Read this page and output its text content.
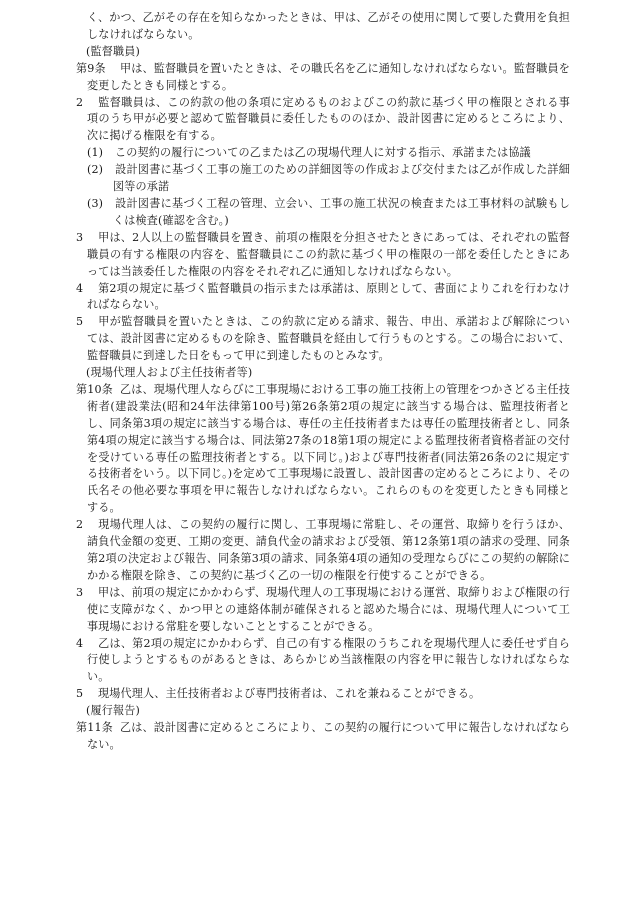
く、かつ、乙がその存在を知らなかったときは、甲は、乙がその使用に関して要した費用を負担しなければならない。

(監督職員)

第9条 甲は、監督職員を置いたときは、その職氏名を乙に通知しなければならない。監督職員を変更したときも同様とする。

2 監督職員は、この約款の他の条項に定めるものおよびこの約款に基づく甲の権限とされる事項のうち甲が必要と認めて監督職員に委任したもののほか、設計図書に定めるところにより、次に掲げる権限を有する。

(1) この契約の履行についての乙または乙の現場代理人に対する指示、承諾または協議

(2) 設計図書に基づく工事の施工のための詳細図等の作成および交付または乙が作成した詳細図等の承諾

(3) 設計図書に基づく工程の管理、立会い、工事の施工状況の検査または工事材料の試験もしくは検査(確認を含む。)

3 甲は、2人以上の監督職員を置き、前項の権限を分担させたときにあっては、それぞれの監督職員の有する権限の内容を、監督職員にこの約款に基づく甲の権限の一部を委任したときにあっては当該委任した権限の内容をそれぞれ乙に通知しなければならない。

4 第2項の規定に基づく監督職員の指示または承諾は、原則として、書面によりこれを行わなければならない。

5 甲が監督職員を置いたときは、この約款に定める請求、報告、申出、承諾および解除については、設計図書に定めるものを除き、監督職員を経由して行うものとする。この場合において、監督職員に到達した日をもって甲に到達したものとみなす。

(現場代理人および主任技術者等)

第10条 乙は、現場代理人ならびに工事現場における工事の施工技術上の管理をつかさどる主任技術者(建設業法(昭和24年法律第100号)第26条第2項の規定に該当する場合は、監理技術者とし、同条第3項の規定に該当する場合は、専任の主任技術者または専任の監理技術者とし、同条第4項の規定に該当する場合は、同法第27条の18第1項の規定による監理技術者資格者証の交付を受けている専任の監理技術者とする。以下同じ。)および専門技術者(同法第26条の2に規定する技術者をいう。以下同じ。)を定めて工事現場に設置し、設計図書の定めるところにより、その氏名その他必要な事項を甲に報告しなければならない。これらのものを変更したときも同様とする。

2 現場代理人は、この契約の履行に関し、工事現場に常駐し、その運営、取締りを行うほか、請負代金額の変更、工期の変更、請負代金の請求および受領、第12条第1項の請求の受理、同条第2項の決定および報告、同条第3項の請求、同条第4項の通知の受理ならびにこの契約の解除にかかる権限を除き、この契約に基づく乙の一切の権限を行使することができる。

3 甲は、前項の規定にかかわらず、現場代理人の工事現場における運営、取締りおよび権限の行使に支障がなく、かつ甲との連絡体制が確保されると認めた場合には、現場代理人について工事現場における常駐を要しないこととすることができる。

4 乙は、第2項の規定にかかわらず、自己の有する権限のうちこれを現場代理人に委任せず自ら行使しようとするものがあるときは、あらかじめ当該権限の内容を甲に報告しなければならない。

5 現場代理人、主任技術者および専門技術者は、これを兼ねることができる。

(履行報告)

第11条 乙は、設計図書に定めるところにより、この契約の履行について甲に報告しなければならない。
